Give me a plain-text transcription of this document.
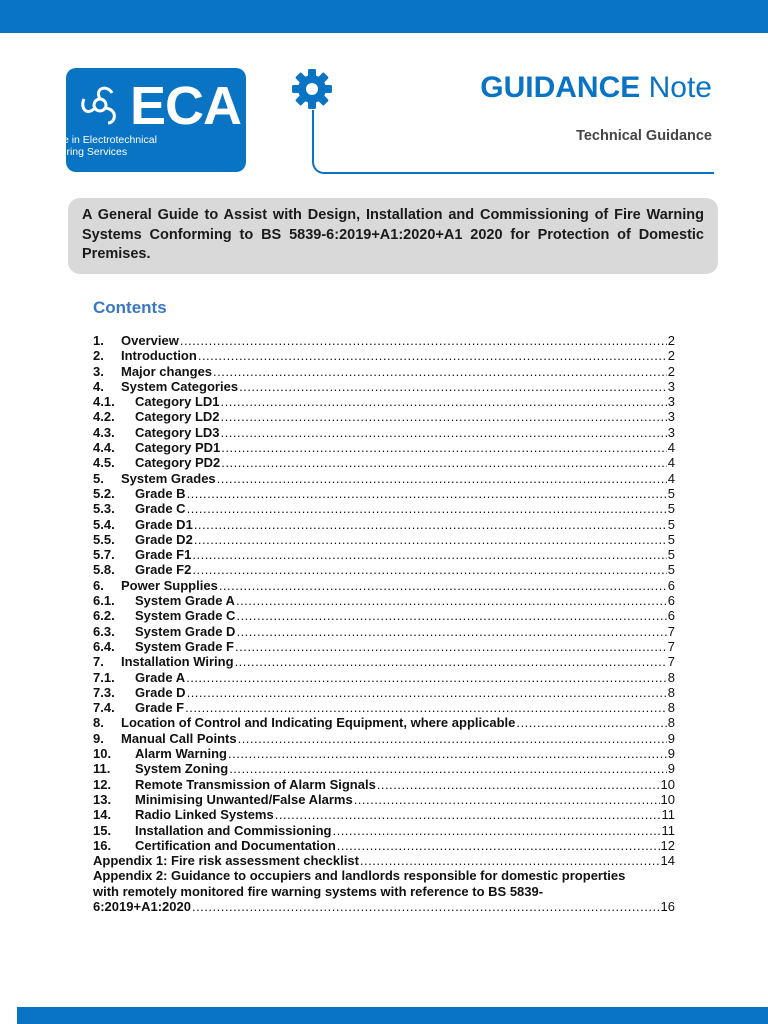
ECA
Excellence in Electrotechnical
& Engineering Services
GUIDANCE Note
Technical Guidance
A General Guide to Assist with Design, Installation and Commissioning of Fire Warning Systems Conforming to BS 5839-6:2019+A1:2020+A1 2020 for Protection of Domestic Premises.
Contents
1.	Overview .....	2
2.	Introduction .....	2
3.	Major changes .....	2
4.	System Categories .....	3
4.1.	Category LD1 .....	3
4.2.	Category LD2 .....	3
4.3.	Category LD3 .....	3
4.4.	Category PD1 .....	4
4.5.	Category PD2 .....	4
5.	System Grades .....	4
5.2.	Grade B .....	5
5.3.	Grade C .....	5
5.4.	Grade D1 .....	5
5.5.	Grade D2 .....	5
5.7.	Grade F1 .....	5
5.8.	Grade F2 .....	5
6.	Power Supplies .....	6
6.1.	System Grade A .....	6
6.2.	System Grade C .....	6
6.3.	System Grade D .....	7
6.4.	System Grade F .....	7
7.	Installation Wiring .....	7
7.1.	Grade A .....	8
7.3.	Grade D .....	8
7.4.	Grade F .....	8
8.	Location of Control and Indicating Equipment, where applicable .....	8
9.	Manual Call Points .....	9
10.	Alarm Warning .....	9
11.	System Zoning .....	9
12.	Remote Transmission of Alarm Signals .....	10
13.	Minimising Unwanted/False Alarms .....	10
14.	Radio Linked Systems .....	11
15.	Installation and Commissioning .....	11
16.	Certification and Documentation .....	12
Appendix 1: Fire risk assessment checklist .....	14
Appendix 2: Guidance to occupiers and landlords responsible for domestic properties
with remotely monitored fire warning systems with reference to BS 5839-
6:2019+A1:2020 .....	16
